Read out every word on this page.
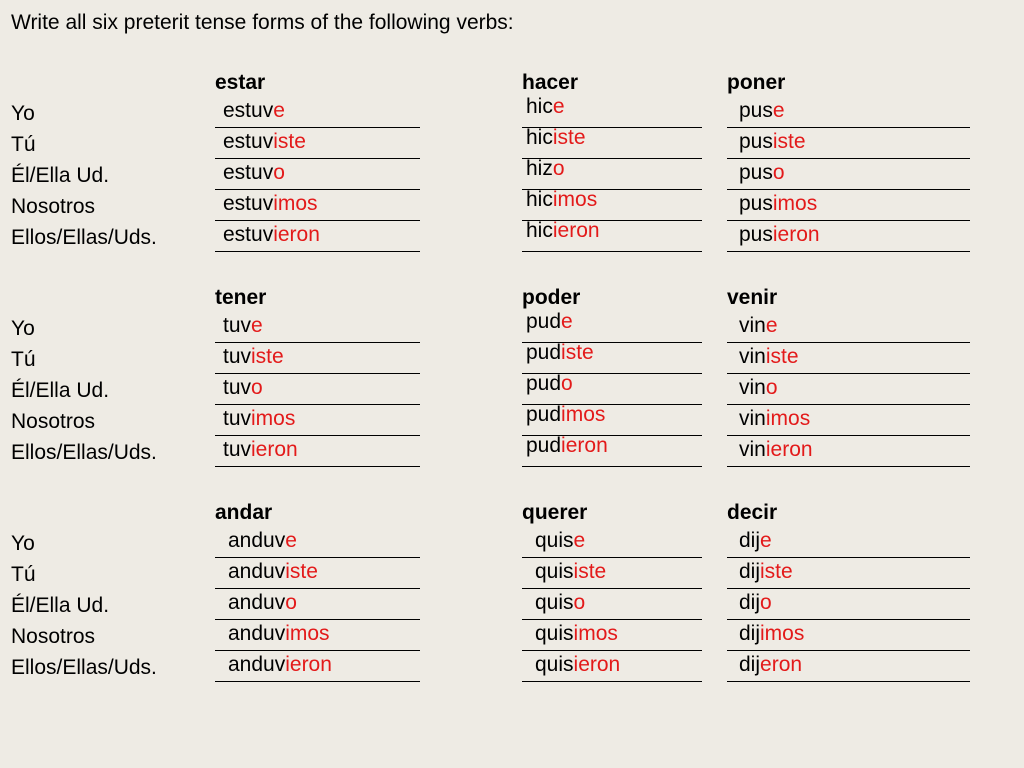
Write all six preterit tense forms of the following verbs:
Yo
Tú
Él/Ella Ud.
Nosotros
Ellos/Ellas/Uds.
estar
estuve
estuviste
estuvo
estuvimos
estuvieron
hacer
hice
hiciste
hizo
hicimos
hicieron
poner
puse
pusiste
puso
pusimos
pusieron
Yo
Tú
Él/Ella Ud.
Nosotros
Ellos/Ellas/Uds.
tener
tuve
tuviste
tuvo
tuvimos
tuvieron
poder
pude
pudiste
pudo
pudimos
pudieron
venir
vine
viniste
vino
vinimos
vinieron
Yo
Tú
Él/Ella Ud.
Nosotros
Ellos/Ellas/Uds.
andar
anduve
anduviste
anduvo
anduvimos
anduvieron
querer
quise
quisiste
quiso
quisimos
quisieron
decir
dije
dijiste
dijo
dijimos
dijeron
